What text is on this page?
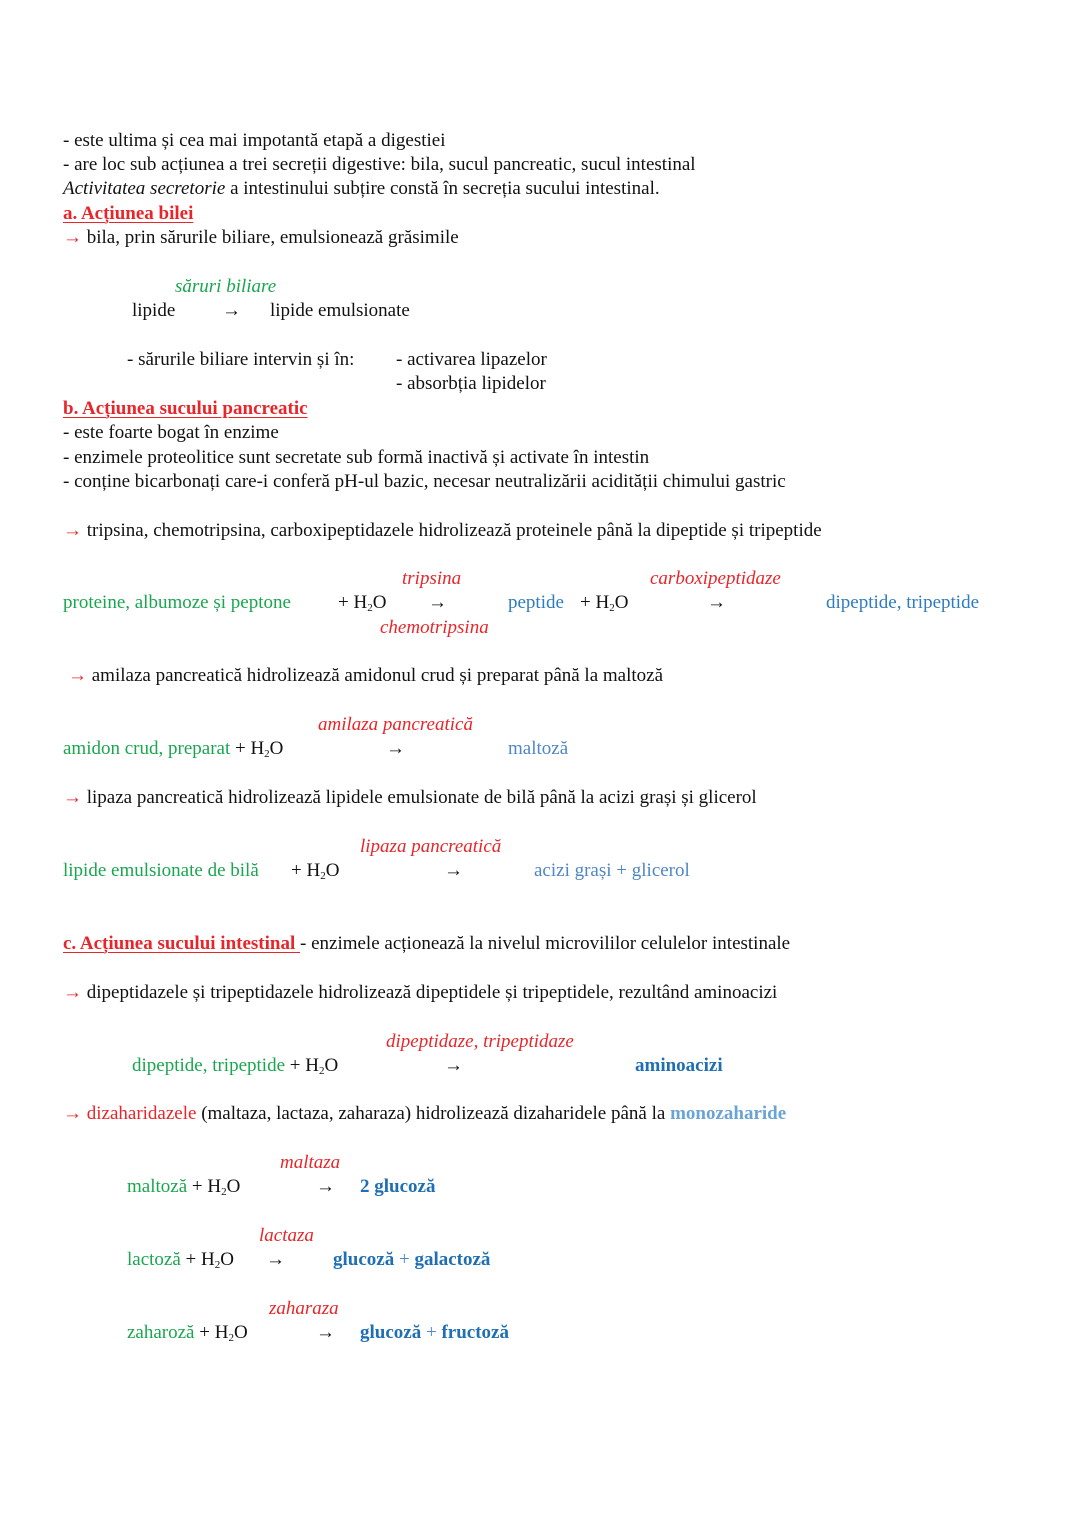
- este ultima și cea mai impotantă etapă a digestiei
- are loc sub acțiunea a trei secreții digestive: bila, sucul pancreatic, sucul intestinal
Activitatea secretorie a intestinului subțire constă în secreția sucului intestinal.
a. Acțiunea bilei
→ bila, prin sărurile biliare, emulsionează grăsimile
săruri biliare
lipide → lipide emulsionate
- sărurile biliare intervin și în: - activarea lipazelor
- absorbția lipidelor
b. Acțiunea sucului pancreatic
- este foarte bogat în enzime
- enzimele proteolitice sunt secretate sub formă inactivă și activate în intestin
- conține bicarbonați care-i conferă pH-ul bazic, necesar neutralizării acidității chimului gastric
→ tripsina, chemotripsina, carboxipeptidazele hidrolizează proteinele până la dipeptide și tripeptide
tripsina	carboxipeptidaze
proteine, albumoze și peptone + $H_2O$ →	peptide + $H_2O$	→	dipeptide, tripeptide
chemotripsina
→ amilaza pancreatică hidrolizează amidonul crud și preparat până la maltoză
amilaza pancreatică
amidon crud, preparat + $H_2O$	→	maltoză
→ lipaza pancreatică hidrolizează lipidele emulsionate de bilă până la acizi grași și glicerol
lipaza pancreatică
lipide emulsionate de bilă + $H_2O$	→	acizi grași + glicerol
c. Acțiunea sucului intestinal - enzimele acționează la nivelul microvililor celulelor intestinale
→ dipeptidazele și tripeptidazele hidrolizează dipeptidele și tripeptidele, rezultând aminoacizi
dipeptidaze, tripeptidaze
dipeptide, tripeptide + $H_2O$	→	aminoacizi
→ dizaharidazele (maltaza, lactaza, zaharaza) hidrolizează dizaharidele până la monozaharide
maltaza
maltoză + $H_2O$	→ 2 glucoză
lactaza
lactoză + $H_2O$ →	glucoză + galactoză
zaharaza
zaharoză + $H_2O$	→ glucoză + fructoză
